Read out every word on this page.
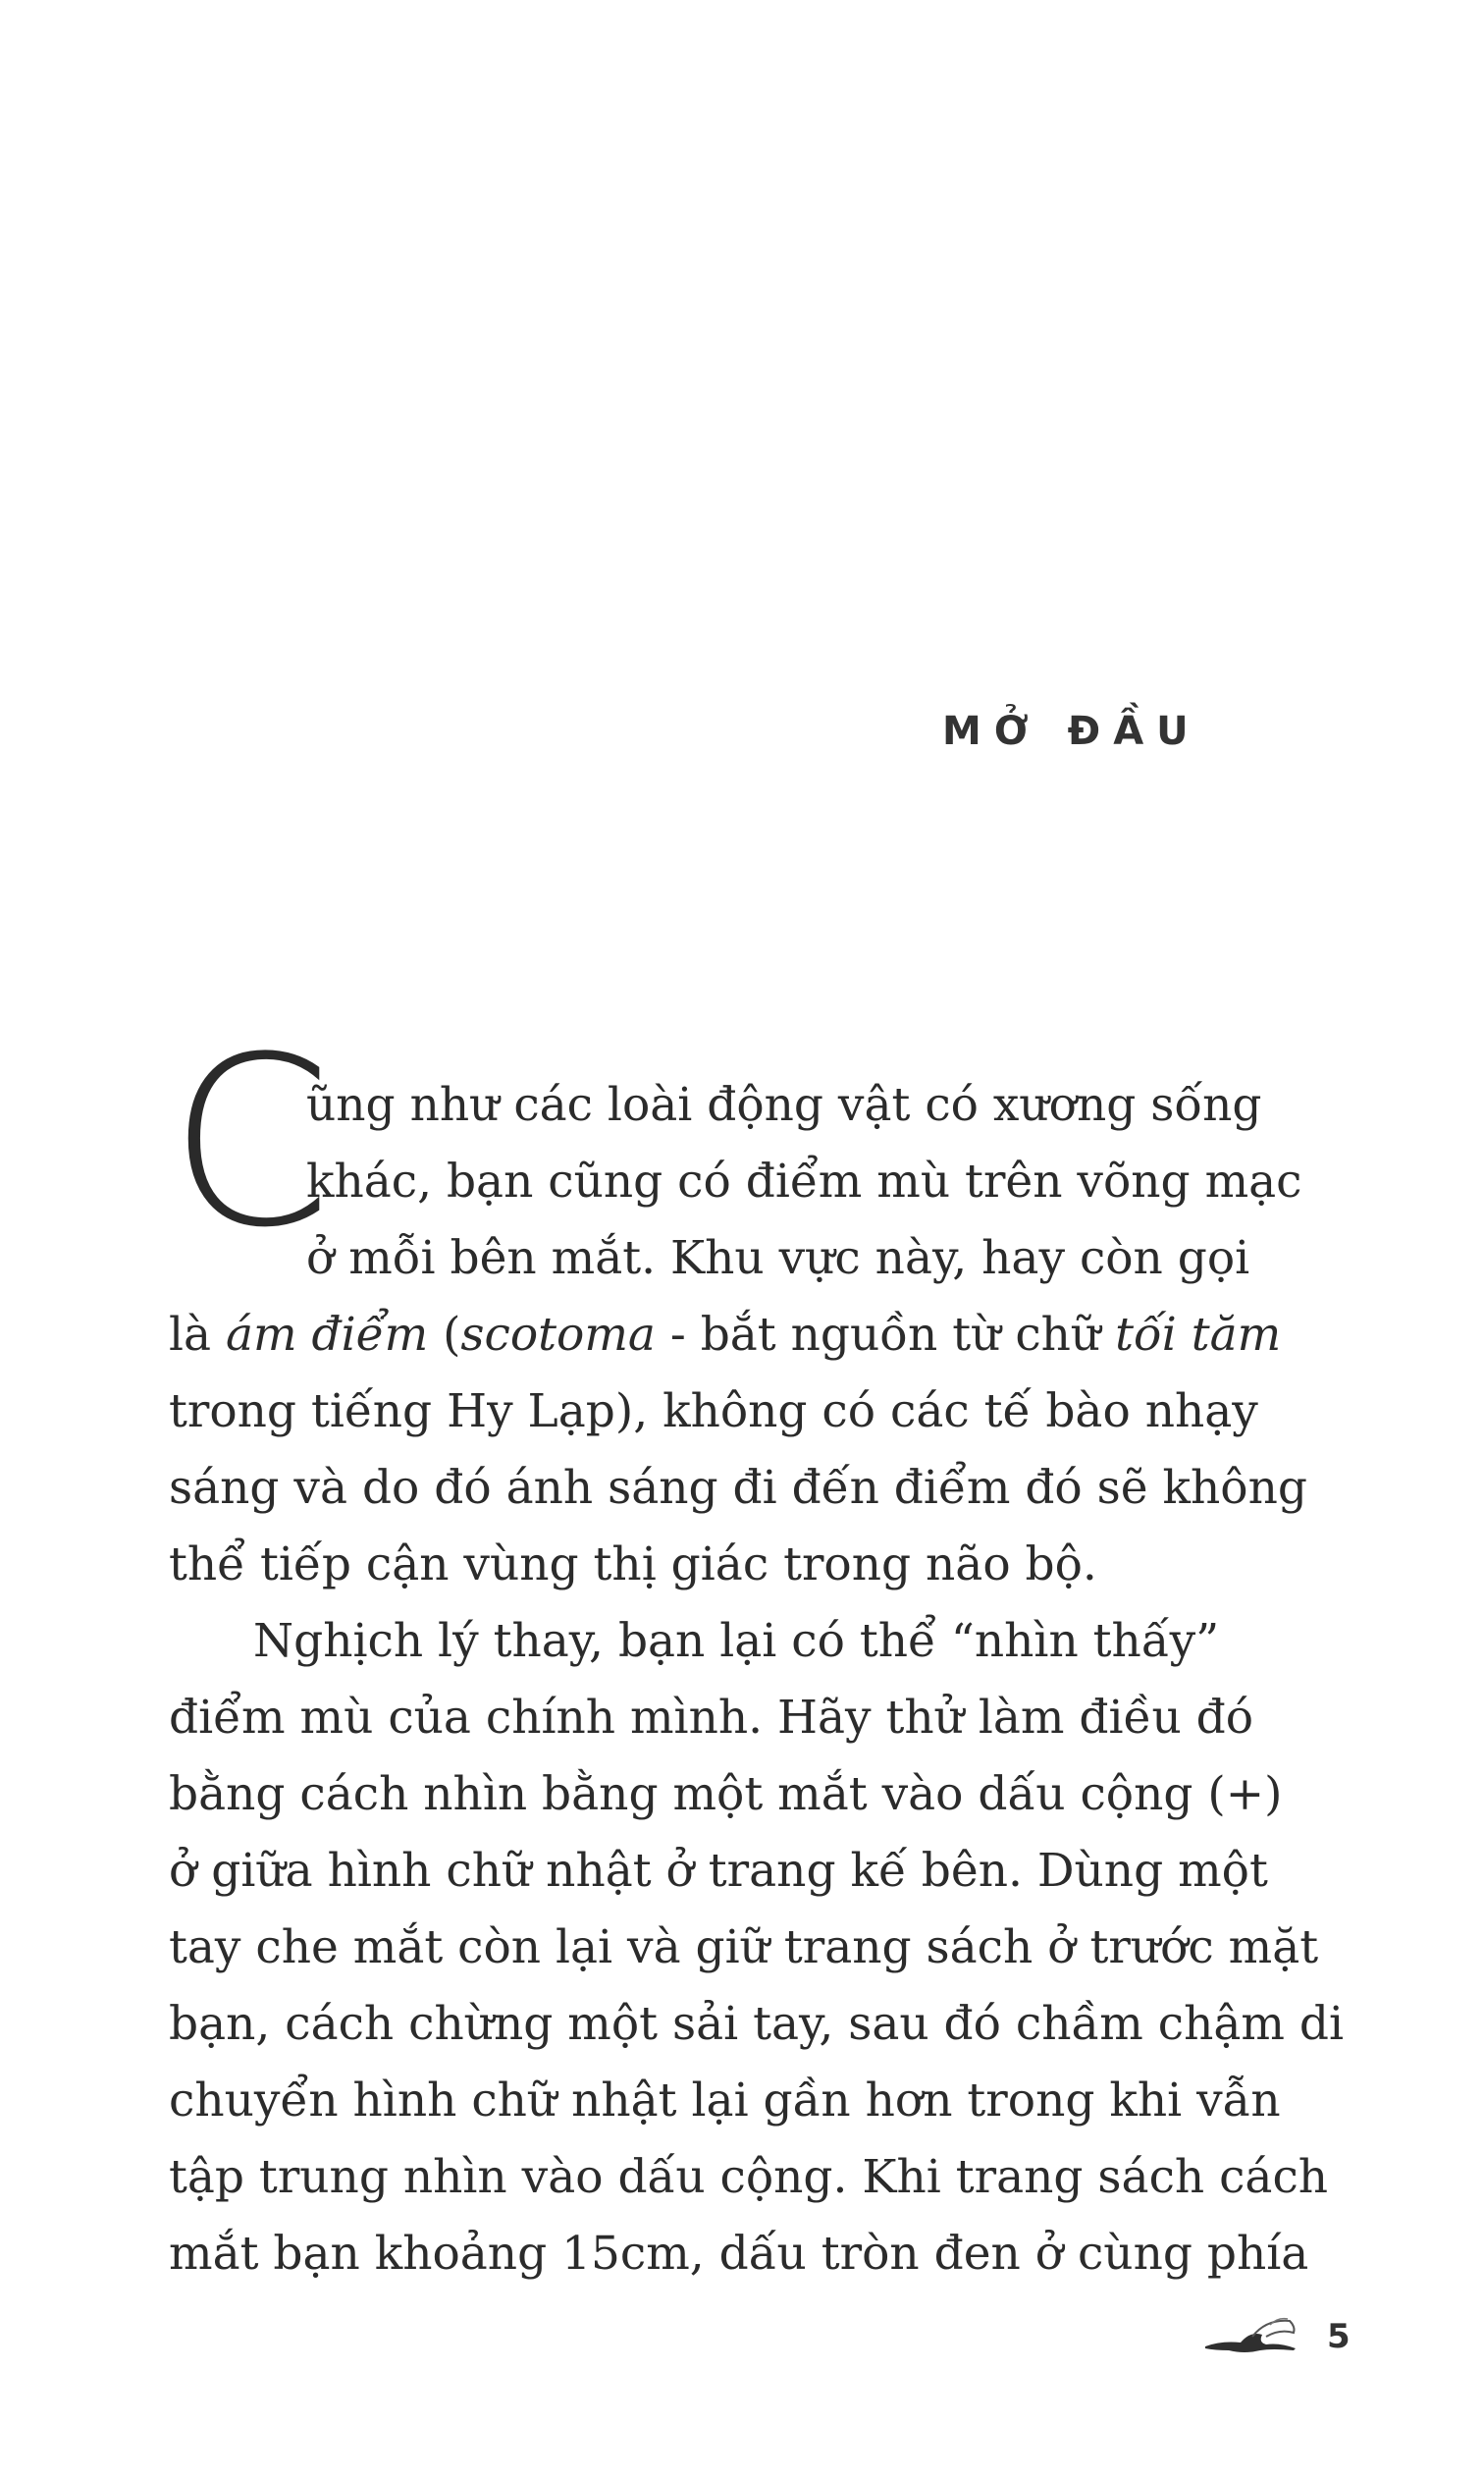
MỞ ĐẦU
C
ũng như các loài động vật có xương sống
khác, bạn cũng có điểm mù trên võng mạc
ở mỗi bên mắt. Khu vực này, hay còn gọi
là ám điểm (scotoma - bắt nguồn từ chữ tối tăm
trong tiếng Hy Lạp), không có các tế bào nhạy
sáng và do đó ánh sáng đi đến điểm đó sẽ không
thể tiếp cận vùng thị giác trong não bộ.
Nghịch lý thay, bạn lại có thể “nhìn thấy”
điểm mù của chính mình. Hãy thử làm điều đó
bằng cách nhìn bằng một mắt vào dấu cộng (+)
ở giữa hình chữ nhật ở trang kế bên. Dùng một
tay che mắt còn lại và giữ trang sách ở trước mặt
bạn, cách chừng một sải tay, sau đó chầm chậm di
chuyển hình chữ nhật lại gần hơn trong khi vẫn
tập trung nhìn vào dấu cộng. Khi trang sách cách
mắt bạn khoảng 15cm, dấu tròn đen ở cùng phía
5
